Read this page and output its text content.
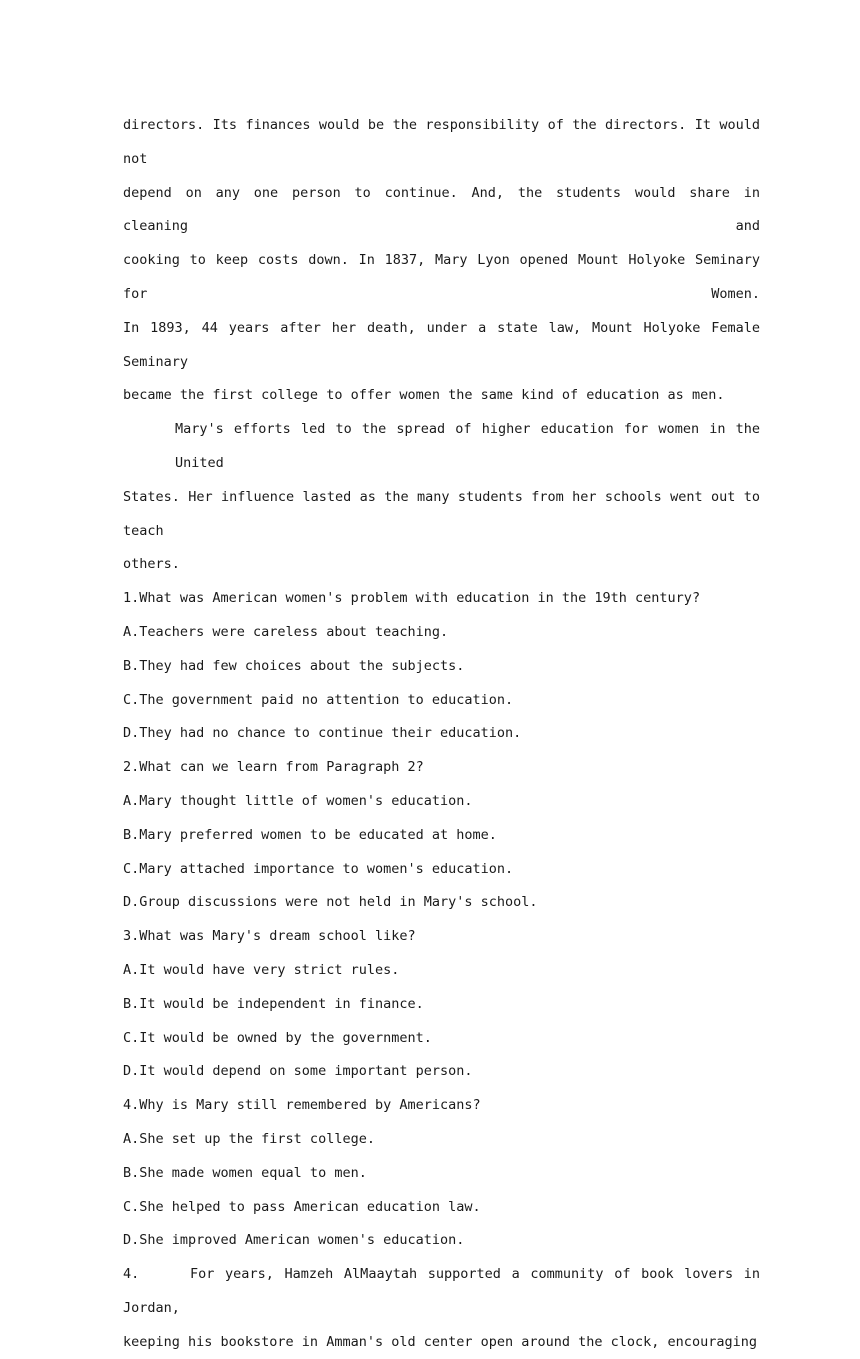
directors. Its finances would be the responsibility of the directors. It would not
depend on any one person to continue. And, the students would share in cleaning and
cooking to keep costs down. In 1837, Mary Lyon opened Mount Holyoke Seminary for Women.
In 1893, 44 years after her death, under a state law, Mount Holyoke Female Seminary
became the first college to offer women the same kind of education as men.
Mary's efforts led to the spread of higher education for women in the United
States. Her influence lasted as the many students from her schools went out to teach
others.
1.What was American women's problem with education in the 19th century?
A.Teachers were careless about teaching.
B.They had few choices about the subjects.
C.The government paid no attention to education.
D.They had no chance to continue their education.
2.What can we learn from Paragraph 2?
A.Mary thought little of women's education.
B.Mary preferred women to be educated at home.
C.Mary attached importance to women's education.
D.Group discussions were not held in Mary's school.
3.What was Mary's dream school like?
A.It would have very strict rules.
B.It would be independent in finance.
C.It would be owned by the government.
D.It would depend on some important person.
4.Why is Mary still remembered by Americans?
A.She set up the first college.
B.She made women equal to men.
C.She helped to pass American education law.
D.She improved American women's education.
4.	For years, Hamzeh AlMaaytah supported a community of book lovers in Jordan,
keeping his bookstore in Amman's old center open around the clock, encouraging
